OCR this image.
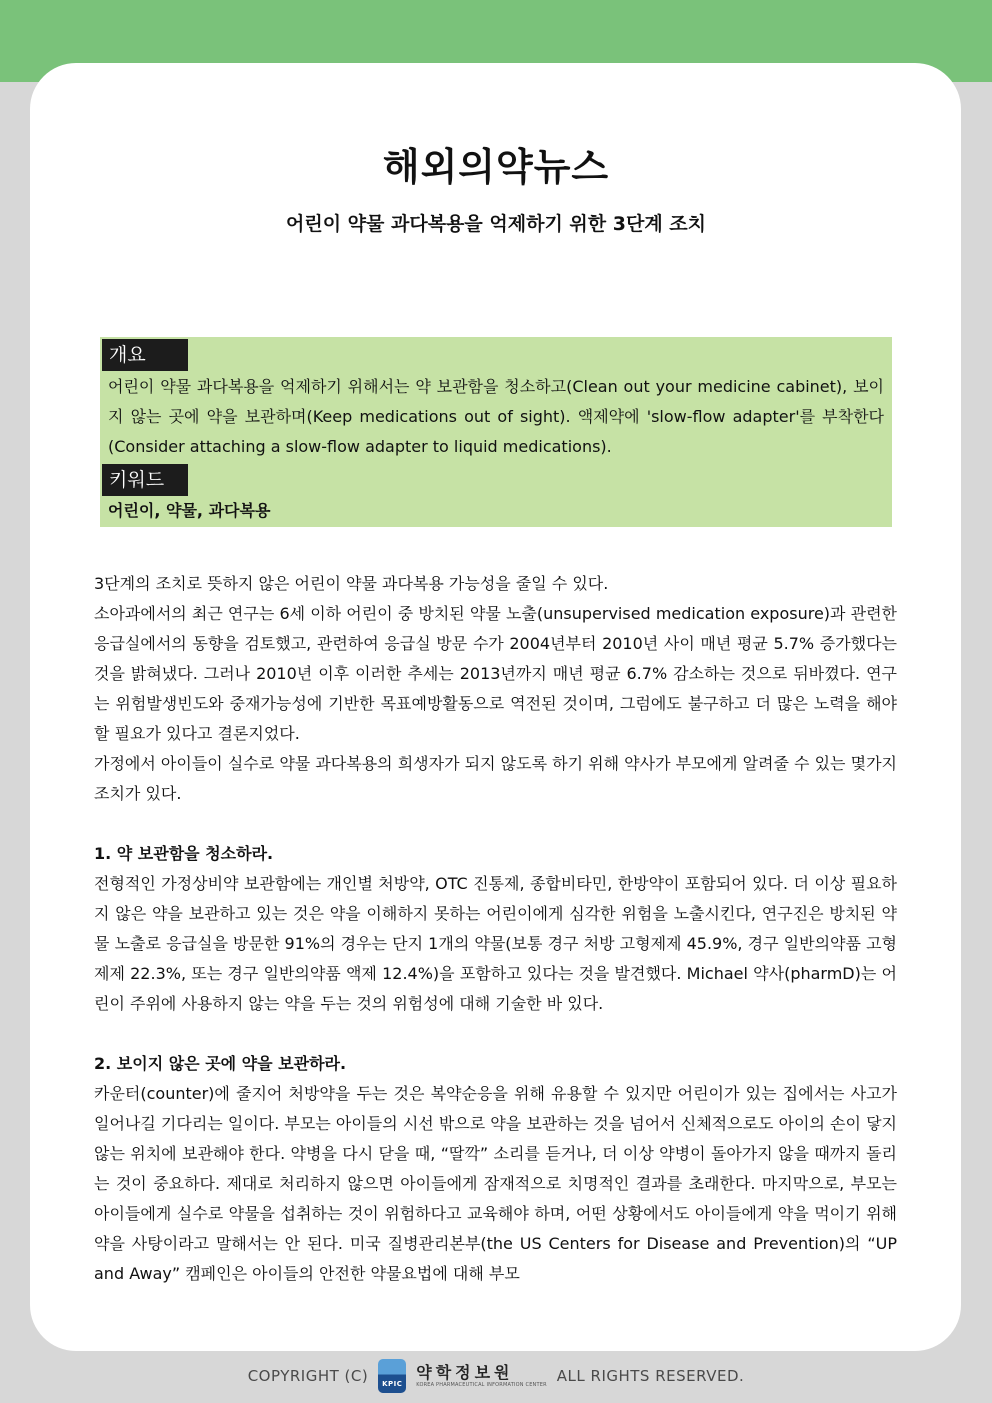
해외의약뉴스
어린이 약물 과다복용을 억제하기 위한 3단계 조치
개요
어린이 약물 과다복용을 억제하기 위해서는 약 보관함을 청소하고(Clean out your medicine cabinet), 보이지 않는 곳에 약을 보관하며(Keep medications out of sight). 액제약에 'slow-flow adapter'를 부착한다(Consider attaching a slow-flow adapter to liquid medications).
키워드
어린이, 약물, 과다복용

3단계의 조치로 뜻하지 않은 어린이 약물 과다복용 가능성을 줄일 수 있다.

소아과에서의 최근 연구는 6세 이하 어린이 중 방치된 약물 노출(unsupervised medication exposure)과 관련한 응급실에서의 동향을 검토했고, 관련하여 응급실 방문 수가 2004년부터 2010년 사이 매년 평균 5.7% 증가했다는 것을 밝혀냈다. 그러나 2010년 이후 이러한 추세는 2013년까지 매년 평균 6.7% 감소하는 것으로 뒤바꼈다. 연구는 위험발생빈도와 중재가능성에 기반한 목표예방활동으로 역전된 것이며, 그럼에도 불구하고 더 많은 노력을 해야 할 필요가 있다고 결론지었다.

가정에서 아이들이 실수로 약물 과다복용의 희생자가 되지 않도록 하기 위해 약사가 부모에게 알려줄 수 있는 몇가지 조치가 있다.

1. 약 보관함을 청소하라.

전형적인 가정상비약 보관함에는 개인별 처방약, OTC 진통제, 종합비타민, 한방약이 포함되어 있다. 더 이상 필요하지 않은 약을 보관하고 있는 것은 약을 이해하지 못하는 어린이에게 심각한 위험을 노출시킨다, 연구진은 방치된 약물 노출로 응급실을 방문한 91%의 경우는 단지 1개의 약물(보통 경구 처방 고형제제 45.9%, 경구 일반의약품 고형제제 22.3%, 또는 경구 일반의약품 액제 12.4%)을 포함하고 있다는 것을 발견했다. Michael 약사(pharmD)는 어린이 주위에 사용하지 않는 약을 두는 것의 위험성에 대해 기술한 바 있다.

2. 보이지 않은 곳에 약을 보관하라.

카운터(counter)에 줄지어 처방약을 두는 것은 복약순응을 위해 유용할 수 있지만 어린이가 있는 집에서는 사고가 일어나길 기다리는 일이다. 부모는 아이들의 시선 밖으로 약을 보관하는 것을 넘어서 신체적으로도 아이의 손이 닿지 않는 위치에 보관해야 한다. 약병을 다시 닫을 때, “딸깍” 소리를 듣거나, 더 이상 약병이 돌아가지 않을 때까지 돌리는 것이 중요하다. 제대로 처리하지 않으면 아이들에게 잠재적으로 치명적인 결과를 초래한다. 마지막으로, 부모는 아이들에게 실수로 약물을 섭취하는 것이 위험하다고 교육해야 하며, 어떤 상황에서도 아이들에게 약을 먹이기 위해 약을 사탕이라고 말해서는 안 된다. 미국 질병관리본부(the US Centers for Disease and Prevention)의 “UP and Away” 캠페인은 아이들의 안전한 약물요법에 대해 부모

COPYRIGHT (C)	KPIC
약학정보원
KOREA PHARMACEUTICAL INFORMATION CENTER ALL RIGHTS RESERVED.
